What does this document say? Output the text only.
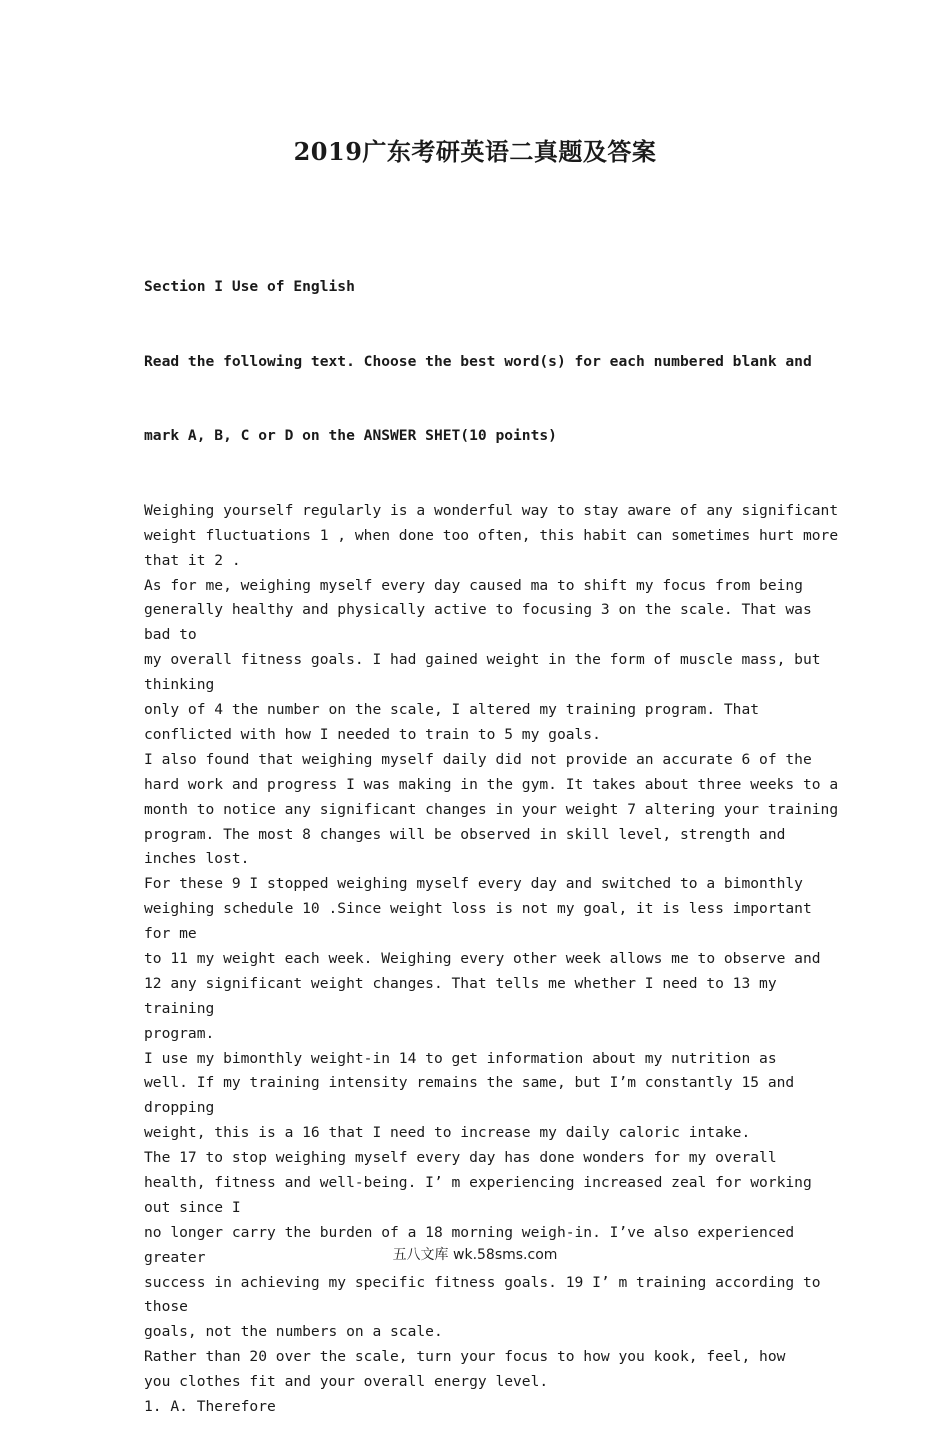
2019广东考研英语二真题及答案

Section I Use of English

Read the following text. Choose the best word(s) for each numbered blank and

mark A, B, C or D on the ANSWER SHET(10 points)

Weighing yourself regularly is a wonderful way to stay aware of any significant
weight fluctuations 1 , when done too often, this habit can sometimes hurt more
that it 2 .
As for me, weighing myself every day caused ma to shift my focus from being
generally healthy and physically active to focusing 3 on the scale. That was
bad to
my overall fitness goals. I had gained weight in the form of muscle mass, but
thinking
only of 4 the number on the scale, I altered my training program. That
conflicted with how I needed to train to 5 my goals.
I also found that weighing myself daily did not provide an accurate 6 of the
hard work and progress I was making in the gym. It takes about three weeks to a
month to notice any significant changes in your weight 7 altering your training
program. The most 8 changes will be observed in skill level, strength and
inches lost.
For these 9 I stopped weighing myself every day and switched to a bimonthly
weighing schedule 10 .Since weight loss is not my goal, it is less important
for me
to 11 my weight each week. Weighing every other week allows me to observe and
12 any significant weight changes. That tells me whether I need to 13 my
training
program.
I use my bimonthly weight-in 14 to get information about my nutrition as
well. If my training intensity remains the same, but I’m constantly 15 and
dropping
weight, this is a 16 that I need to increase my daily caloric intake.
The 17 to stop weighing myself every day has done wonders for my overall
health, fitness and well-being. I’ m experiencing increased zeal for working
out since I
no longer carry the burden of a 18 morning weigh-in. I’ve also experienced
greater
success in achieving my specific fitness goals. 19 I’ m training according to
those
goals, not the numbers on a scale.
Rather than 20 over the scale, turn your focus to how you kook, feel, how
you clothes fit and your overall energy level.
1. A. Therefore

五八文库 wk.58sms.com
